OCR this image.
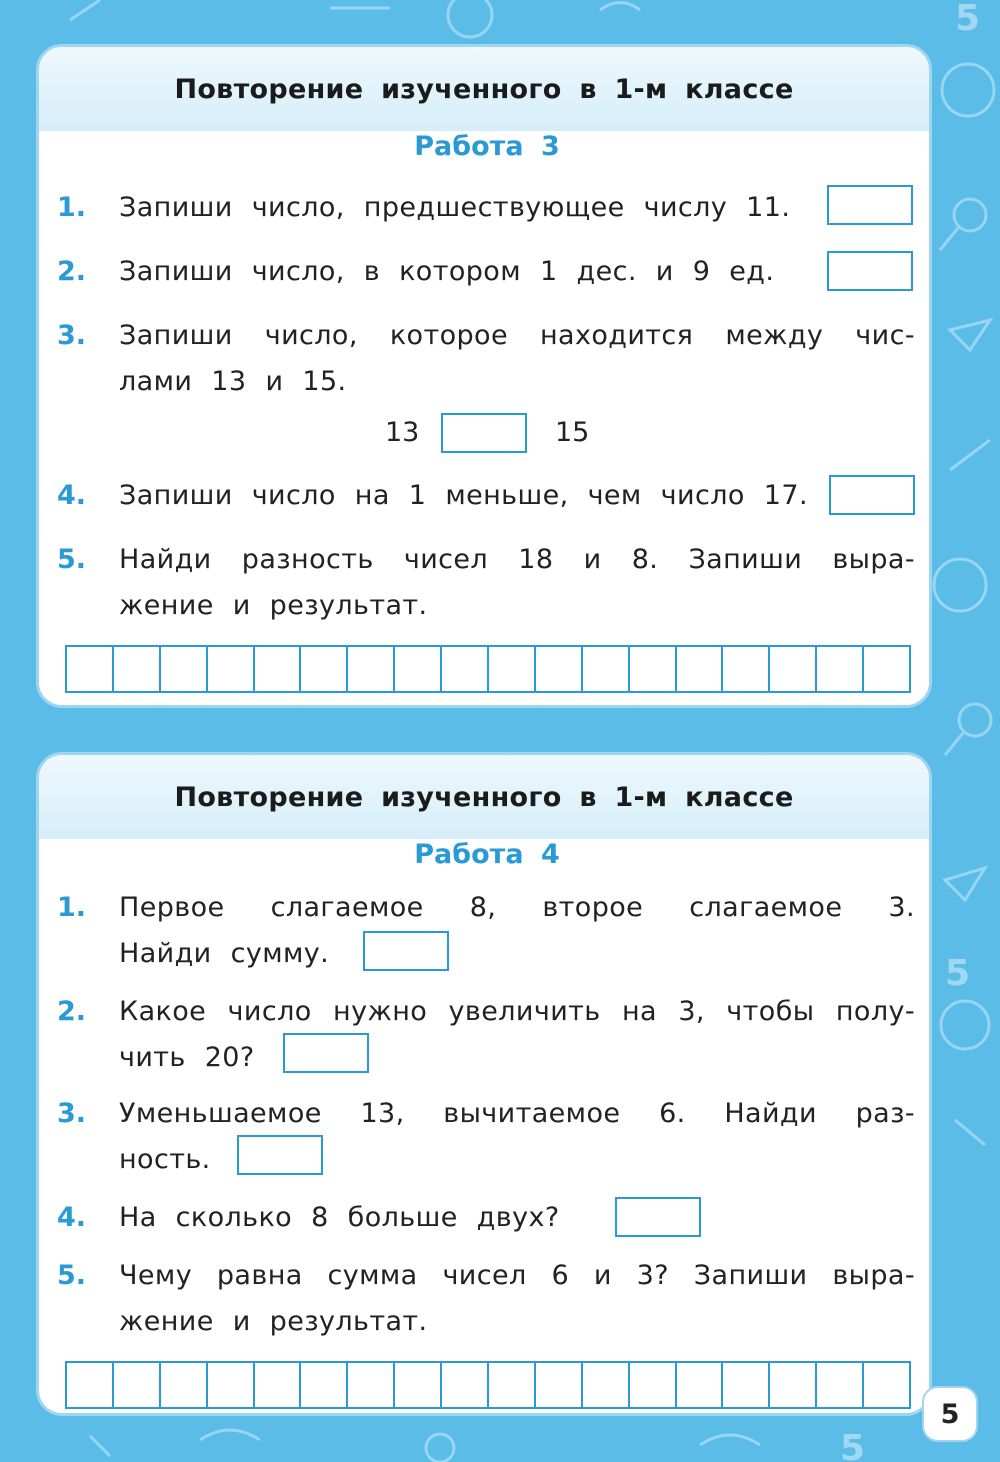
5
5
5
Повторение изученного в 1-м классе
Работа 3
1. Запиши число, предшествующее числу 11.
2. Запиши число, в котором 1 дес. и 9 ед.
3. Запиши число, которое находится между чис-
лами 13 и 15.
13	15
4. Запиши число на 1 меньше, чем число 17.
5. Найди разность чисел 18 и 8. Запиши выра-
жение и результат.
Повторение изученного в 1-м классе
Работа 4
1. Первое слагаемое 8, второе слагаемое 3.
Найди сумму.
2. Какое число нужно увеличить на 3, чтобы полу-
чить 20?
3. Уменьшаемое 13, вычитаемое 6. Найди раз-
ность.
4. На сколько 8 больше двух?
5. Чему равна сумма чисел 6 и 3? Запиши выра-
жение и результат.
5
